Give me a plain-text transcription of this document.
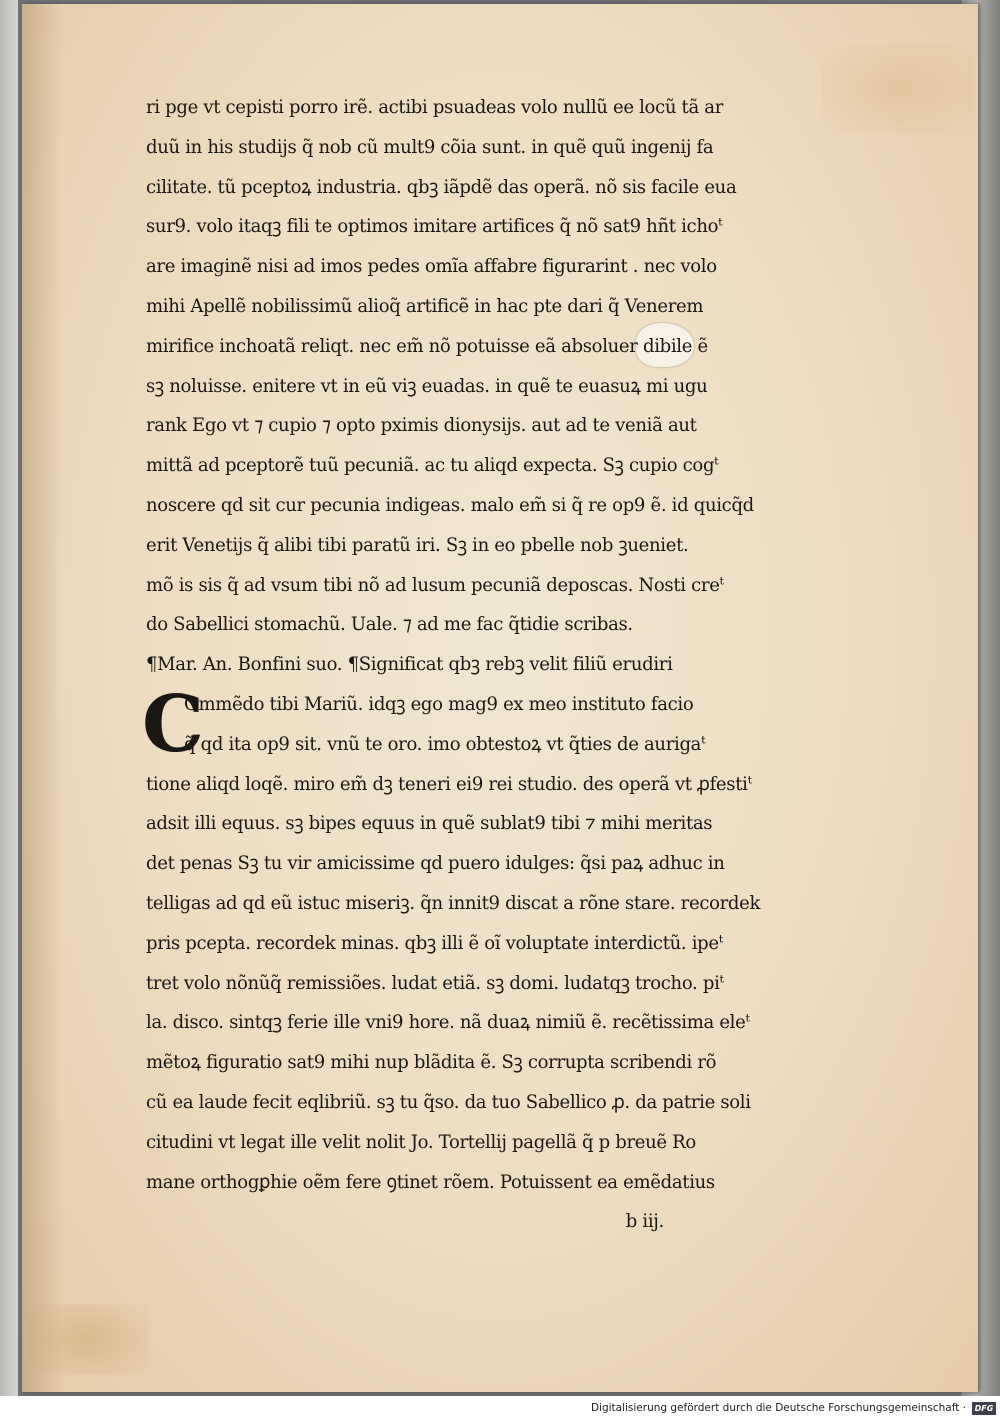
ri pge vt cepisti porro irẽ. actibi psuadeas volo nullũ ee locũ tã ar
duũ in his studijs q̃ nob cũ mult9 cõia sunt. in quẽ quũ ingenij fa
cilitate. tũ pceptoꝝ industria. qbꝫ iãpdẽ das operã. nõ sis facile eua
sur9. volo itaqꝫ fili te optimos imitare artifices q̃ nõ sat9 hñt ichoᵗ
are imaginẽ nisi ad imos pedes omĩa affabre figurarint . nec volo
mihi Apellẽ nobilissimũ alioq̃ artificẽ in hac pte dari q̃ Venerem
mirifice inchoatã reliqt. nec em̃ nõ potuisse eã absoluer dibile ẽ
sꝫ noluisse. enitere vt in eũ viꝫ euadas. in quẽ te euasuꝝ mi ugu
rank Ego vt ⁊ cupio ⁊ opto pximis dionysijs. aut ad te veniã aut
mittã ad pceptorẽ tuũ pecuniã. ac tu aliqd expecta. Sꝫ cupio cogᵗ
noscere qd sit cur pecunia indigeas. malo em̃ si q̃ re op9 ẽ. id quicq̃d
erit Venetijs q̃ alibi tibi paratũ iri. Sꝫ in eo pbelle nob ꝫueniet.
mõ is sis q̃ ad vsum tibi nõ ad lusum pecuniã deposcas. Nosti creᵗ
do Sabellici stomachũ. Uale. ⁊ ad me fac q̃tidie scribas.
¶Mar. An. Bonfini suo. ¶Significat qbꝫ rebꝫ velit filiũ erudiri
C
Ommẽdo tibi Mariũ. idqꝫ ego mag9 ex meo instituto facio
q̃ qd ita op9 sit. vnũ te oro. imo obtestoꝝ vt q̃ties de aurigaᵗ
tione aliqd loqẽ. miro em̃ dꝫ teneri ei9 rei studio. des operã vt ꝓfestiᵗ
adsit illi equus. sꝫ bipes equus in quẽ sublat9 tibi ⁊ mihi meritas
det penas Sꝫ tu vir amicissime qd puero idulges: q̃si paꝝ adhuc in
telligas ad qd eũ istuc miseriꝫ. q̃n innit9 discat a rõne stare. recordek
pris pcepta. recordek minas. qbꝫ illi ẽ oĩ voluptate interdictũ. ipeᵗ
tret volo nõnũq̃ remissiões. ludat etiã. sꝫ domi. ludatqꝫ trocho. piᵗ
la. disco. sintqꝫ ferie ille vni9 hore. nã duaꝝ nimiũ ẽ. recẽtissima eleᵗ
mẽtoꝝ figuratio sat9 mihi nup blãdita ẽ. Sꝫ corrupta scribendi rõ
cũ ea laude fecit eqlibriũ. sꝫ tu q̃so. da tuo Sabellico ꝓ. da patrie soli
citudini vt legat ille velit nolit Jo. Tortellij pagellã q̃ p breuẽ Ro
mane orthogꝑhie oẽm fere ꝯtinet rõem. Potuissent ea emẽdatius
b iij.
Digitalisierung gefördert durch die Deutsche Forschungsgemeinschaft ·	DFG
